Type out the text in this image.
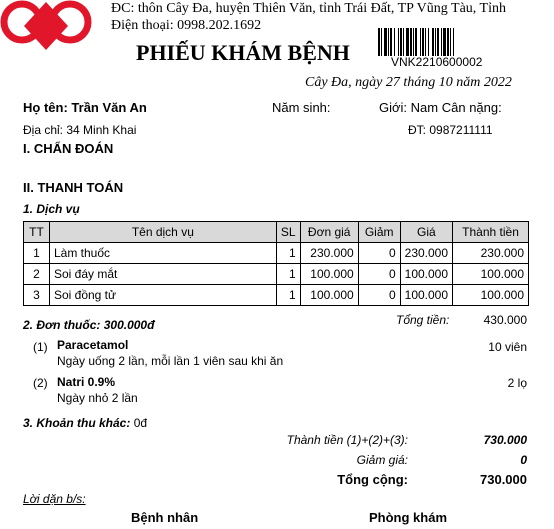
ĐC: thôn Cây Đa, huyện Thiên Văn, tỉnh Trái Đất, TP Vũng Tàu, Tỉnh
Điện thoại: 0998.202.1692
PHIẾU KHÁM BỆNH	VNK2210600002
Cây Đa, ngày 27 tháng 10 năm 2022
Họ tên: Trần Văn An	Năm sinh:	Giới: Nam Cân nặng:
Địa chỉ: 34 Minh Khai	ĐT: 0987211111
I. CHẨN ĐOÁN
II. THANH TOÁN
1. Dịch vụ
TT	Tên dịch vụ	SL	Đơn giá	Giảm	Giá	Thành tiền
1	Làm thuốc	1	230.000	0	230.000	230.000
2	Soi đáy mắt	1	100.000	0	100.000	100.000
3	Soi đồng tử	1	100.000	0	100.000	100.000
Tổng tiền:	430.000
2. Đơn thuốc: 300.000đ
(1) Paracetamol
Ngày uống 2 lần, mỗi lần 1 viên sau khi ăn
10 viên
(2) Natri 0.9%
Ngày nhỏ 2 lần
2 lọ
3. Khoản thu khác: 0đ
Thành tiền (1)+(2)+(3):	730.000
Giảm giá:	0
Tổng cộng:	730.000
Lời dặn b/s:
Bệnh nhân	Phòng khám
